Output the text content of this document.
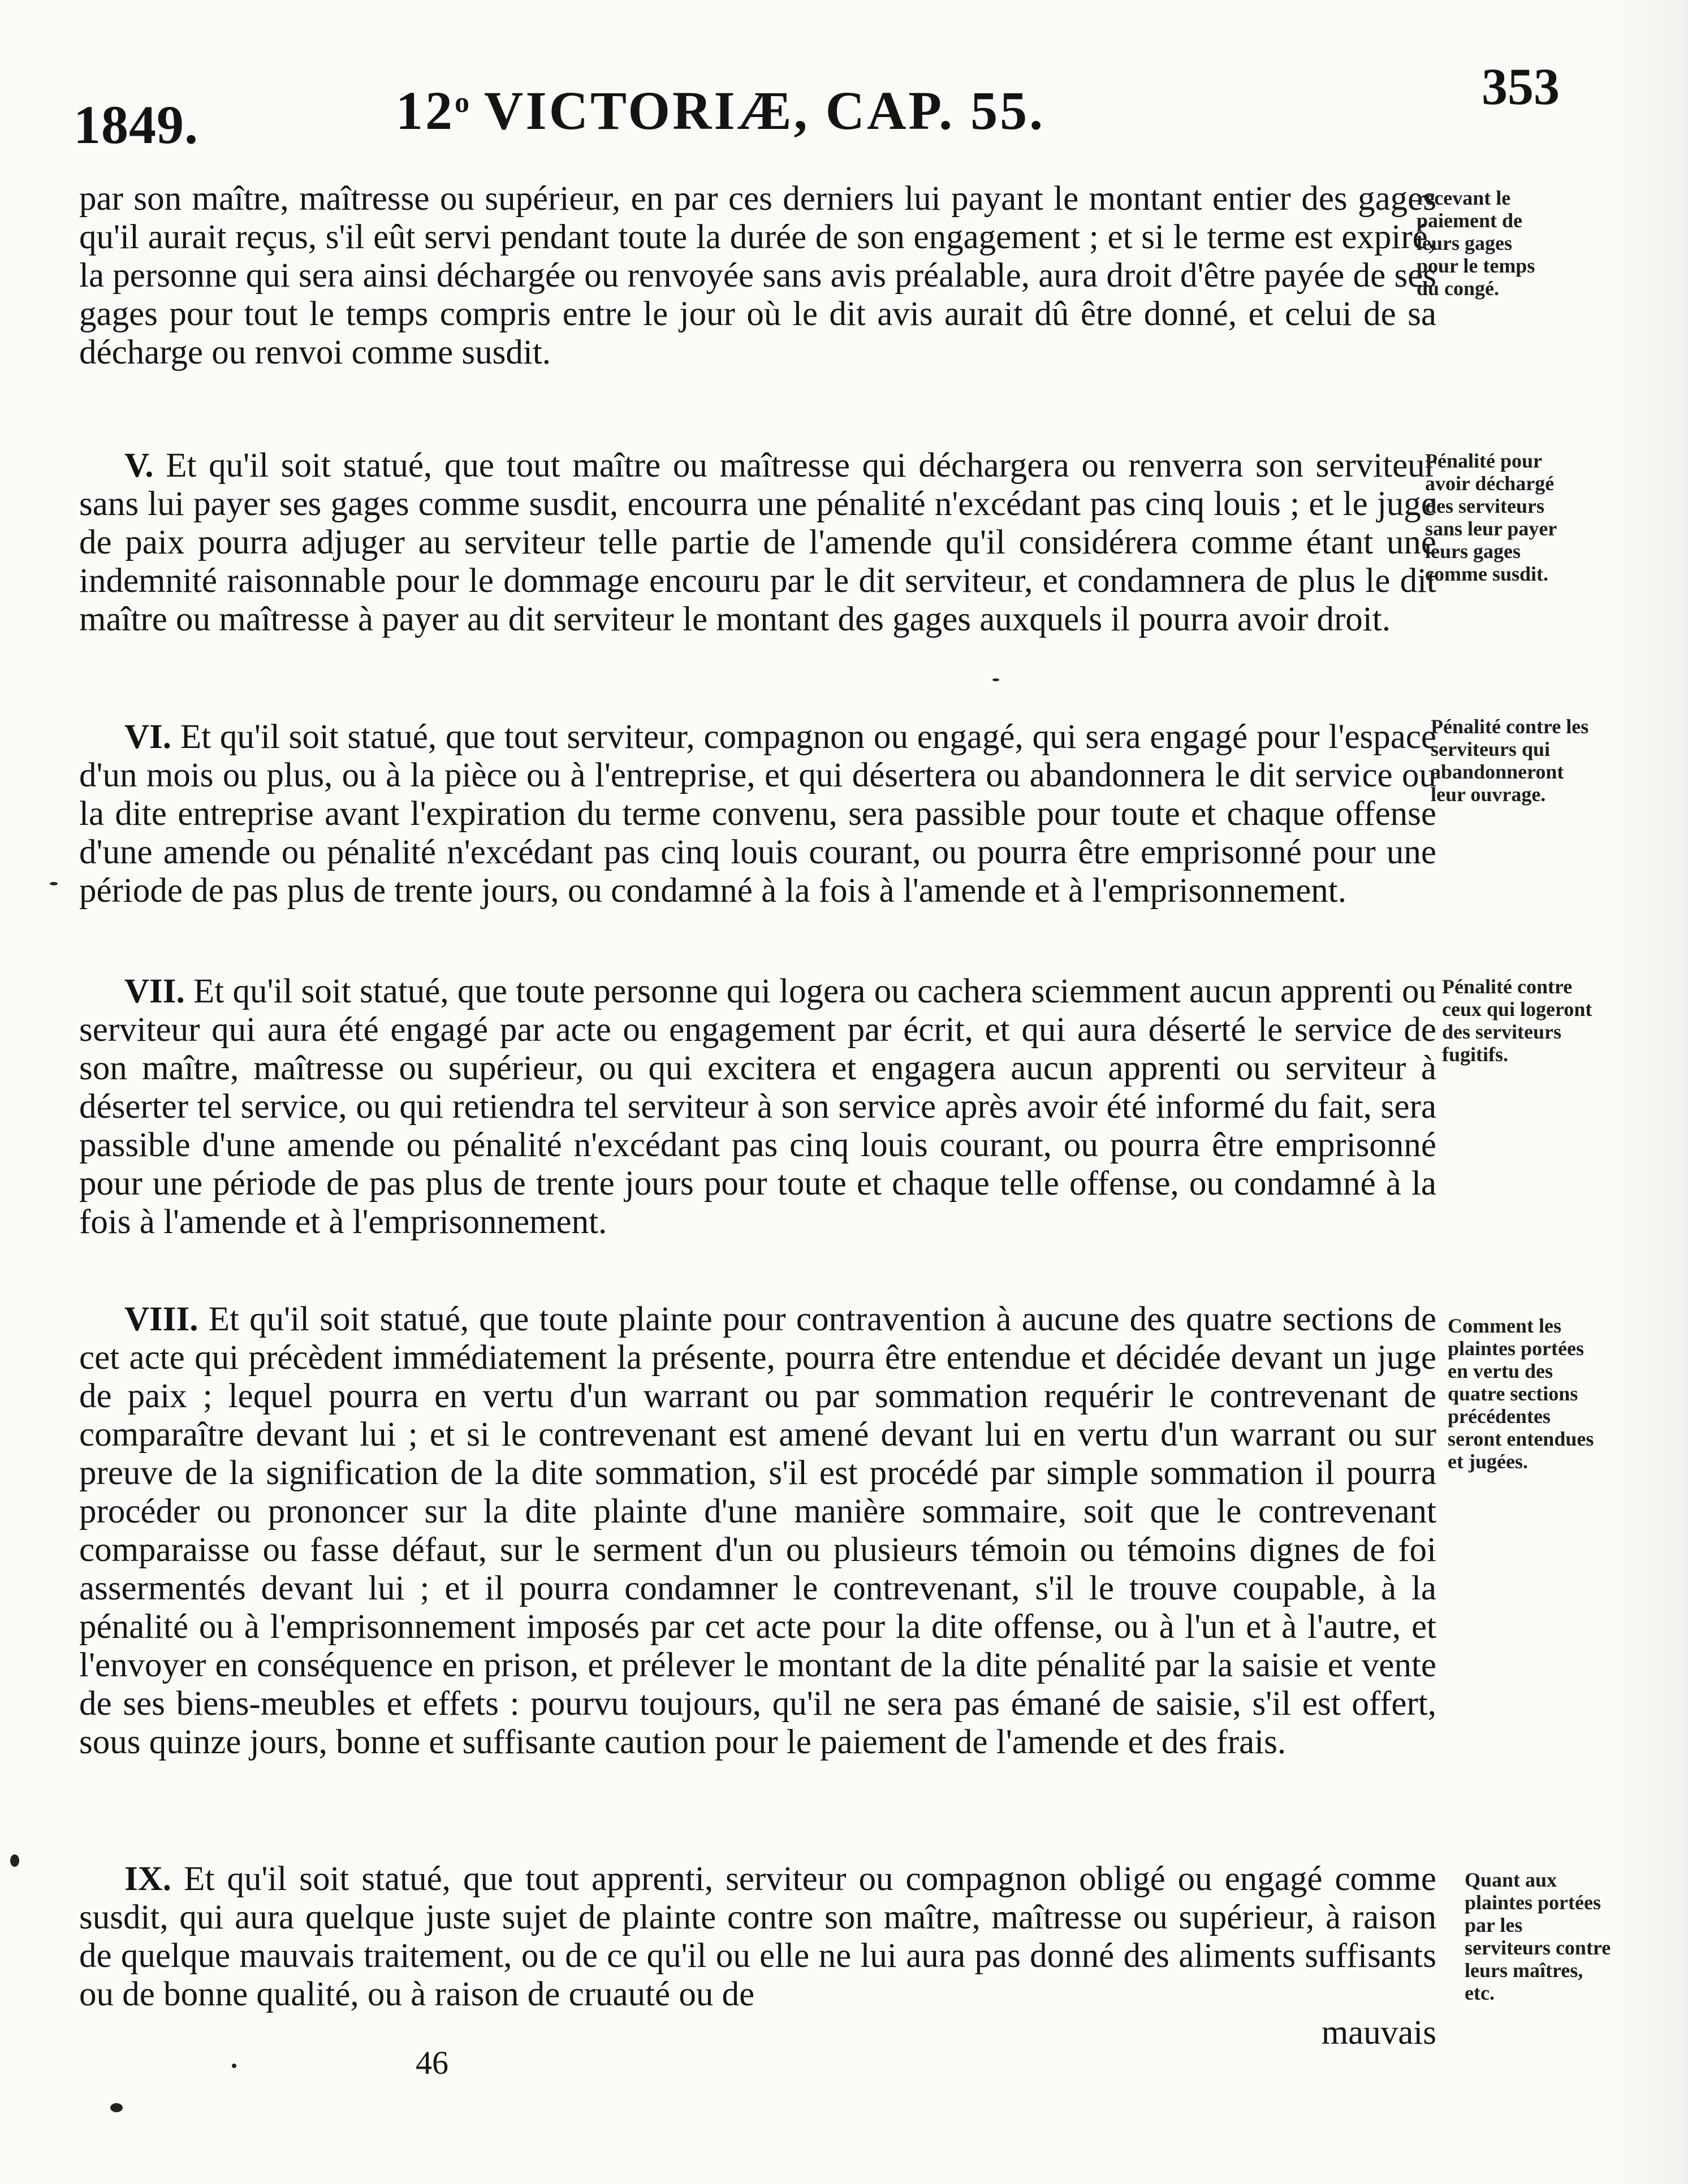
1849.	12$^o$ VICTORIÆ, CAP. 55.	353

par son maître, maîtresse ou supérieur, en par ces derniers lui payant le montant entier des gages qu'il aurait reçus, s'il eût servi pendant toute la durée de son engagement ; et si le terme est expiré, la personne qui sera ainsi déchargée ou renvoyée sans avis préalable, aura droit d'être payée de ses gages pour tout le temps compris entre le jour où le dit avis aurait dû être donné, et celui de sa décharge ou renvoi comme susdit.

V. Et qu'il soit statué, que tout maître ou maîtresse qui déchargera ou renverra son serviteur sans lui payer ses gages comme susdit, encourra une pénalité n'excédant pas cinq louis ; et le juge de paix pourra adjuger au serviteur telle partie de l'amende qu'il considérera comme étant une indemnité raisonnable pour le dommage encouru par le dit serviteur, et condamnera de plus le dit maître ou maîtresse à payer au dit serviteur le montant des gages auxquels il pourra avoir droit.

VI. Et qu'il soit statué, que tout serviteur, compagnon ou engagé, qui sera engagé pour l'espace d'un mois ou plus, ou à la pièce ou à l'entreprise, et qui désertera ou abandonnera le dit service ou la dite entreprise avant l'expiration du terme convenu, sera passible pour toute et chaque offense d'une amende ou pénalité n'excédant pas cinq louis courant, ou pourra être emprisonné pour une période de pas plus de trente jours, ou condamné à la fois à l'amende et à l'emprisonnement.

VII. Et qu'il soit statué, que toute personne qui logera ou cachera sciemment aucun apprenti ou serviteur qui aura été engagé par acte ou engagement par écrit, et qui aura déserté le service de son maître, maîtresse ou supérieur, ou qui excitera et engagera aucun apprenti ou serviteur à déserter tel service, ou qui retiendra tel serviteur à son service après avoir été informé du fait, sera passible d'une amende ou pénalité n'excédant pas cinq louis courant, ou pourra être emprisonné pour une période de pas plus de trente jours pour toute et chaque telle offense, ou condamné à la fois à l'amende et à l'emprisonnement.

VIII. Et qu'il soit statué, que toute plainte pour contravention à aucune des quatre sections de cet acte qui précèdent immédiatement la présente, pourra être entendue et décidée devant un juge de paix ; lequel pourra en vertu d'un warrant ou par sommation requérir le contrevenant de comparaître devant lui ; et si le contrevenant est amené devant lui en vertu d'un warrant ou sur preuve de la signification de la dite sommation, s'il est procédé par simple sommation il pourra procéder ou prononcer sur la dite plainte d'une manière sommaire, soit que le contrevenant comparaisse ou fasse défaut, sur le serment d'un ou plusieurs témoin ou témoins dignes de foi assermentés devant lui ; et il pourra condamner le contrevenant, s'il le trouve coupable, à la pénalité ou à l'emprisonnement imposés par cet acte pour la dite offense, ou à l'un et à l'autre, et l'envoyer en conséquence en prison, et prélever le montant de la dite pénalité par la saisie et vente de ses biens-meubles et effets : pourvu toujours, qu'il ne sera pas émané de saisie, s'il est offert, sous quinze jours, bonne et suffisante caution pour le paiement de l'amende et des frais.

IX. Et qu'il soit statué, que tout apprenti, serviteur ou compagnon obligé ou engagé comme susdit, qui aura quelque juste sujet de plainte contre son maître, maîtresse ou supérieur, à raison de quelque mauvais traitement, ou de ce qu'il ou elle ne lui aura pas donné des aliments suffisants ou de bonne qualité, ou à raison de cruauté ou de

mauvais
recevant le paiement de leurs gages pour le temps du congé.
Pénalité pour avoir déchargé des serviteurs sans leur payer leurs gages comme susdit.
Pénalité contre les serviteurs qui abandonneront leur ouvrage.
Pénalité contre ceux qui logeront des serviteurs fugitifs.
Comment les plaintes portées en vertu des quatre sections précédentes seront entendues et jugées.
Quant aux plaintes portées par les serviteurs contre leurs maîtres, etc.
46
